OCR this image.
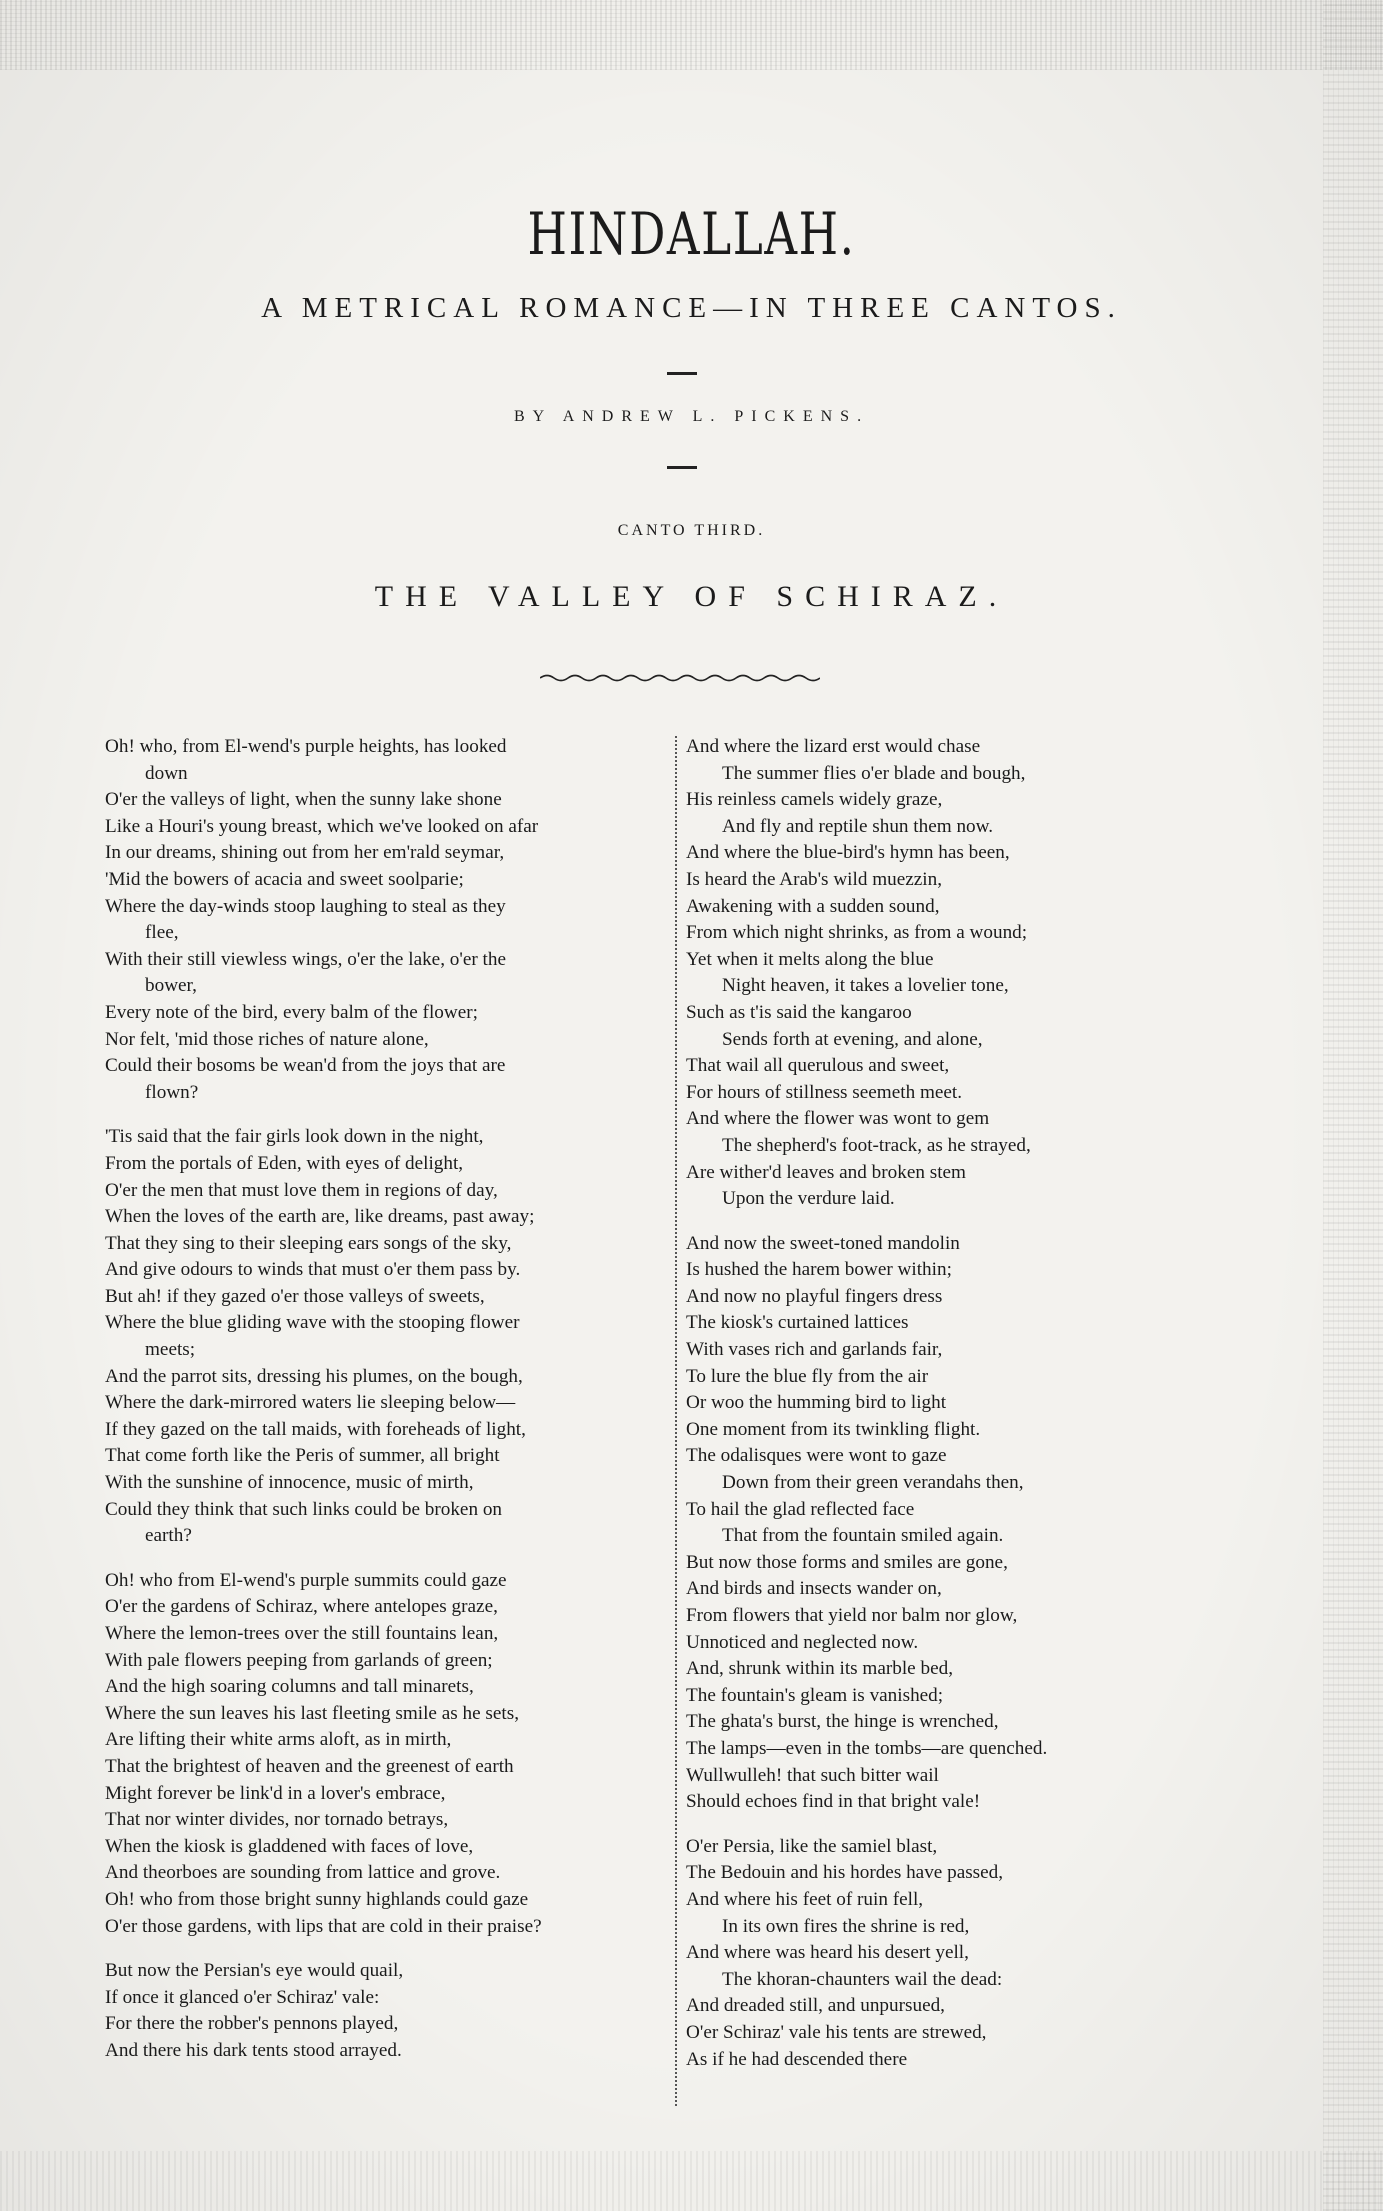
HINDALLAH.
A METRICAL ROMANCE—IN THREE CANTOS.
BY ANDREW L. PICKENS.
CANTO THIRD.
THE VALLEY OF SCHIRAZ.
Oh! who, from El-wend's purple heights, has looked
down
O'er the valleys of light, when the sunny lake shone
Like a Houri's young breast, which we've looked on afar
In our dreams, shining out from her em'rald seymar,
'Mid the bowers of acacia and sweet soolparie;
Where the day-winds stoop laughing to steal as they
flee,
With their still viewless wings, o'er the lake, o'er the
bower,
Every note of the bird, every balm of the flower;
Nor felt, 'mid those riches of nature alone,
Could their bosoms be wean'd from the joys that are
flown?
'Tis said that the fair girls look down in the night,
From the portals of Eden, with eyes of delight,
O'er the men that must love them in regions of day,
When the loves of the earth are, like dreams, past away;
That they sing to their sleeping ears songs of the sky,
And give odours to winds that must o'er them pass by.
But ah! if they gazed o'er those valleys of sweets,
Where the blue gliding wave with the stooping flower
meets;
And the parrot sits, dressing his plumes, on the bough,
Where the dark-mirrored waters lie sleeping below—
If they gazed on the tall maids, with foreheads of light,
That come forth like the Peris of summer, all bright
With the sunshine of innocence, music of mirth,
Could they think that such links could be broken on
earth?
Oh! who from El-wend's purple summits could gaze
O'er the gardens of Schiraz, where antelopes graze,
Where the lemon-trees over the still fountains lean,
With pale flowers peeping from garlands of green;
And the high soaring columns and tall minarets,
Where the sun leaves his last fleeting smile as he sets,
Are lifting their white arms aloft, as in mirth,
That the brightest of heaven and the greenest of earth
Might forever be link'd in a lover's embrace,
That nor winter divides, nor tornado betrays,
When the kiosk is gladdened with faces of love,
And theorboes are sounding from lattice and grove.
Oh! who from those bright sunny highlands could gaze
O'er those gardens, with lips that are cold in their praise?
But now the Persian's eye would quail,
If once it glanced o'er Schiraz' vale:
For there the robber's pennons played,
And there his dark tents stood arrayed.
And where the lizard erst would chase
The summer flies o'er blade and bough,
His reinless camels widely graze,
And fly and reptile shun them now.
And where the blue-bird's hymn has been,
Is heard the Arab's wild muezzin,
Awakening with a sudden sound,
From which night shrinks, as from a wound;
Yet when it melts along the blue
Night heaven, it takes a lovelier tone,
Such as t'is said the kangaroo
Sends forth at evening, and alone,
That wail all querulous and sweet,
For hours of stillness seemeth meet.
And where the flower was wont to gem
The shepherd's foot-track, as he strayed,
Are wither'd leaves and broken stem
Upon the verdure laid.
And now the sweet-toned mandolin
Is hushed the harem bower within;
And now no playful fingers dress
The kiosk's curtained lattices
With vases rich and garlands fair,
To lure the blue fly from the air
Or woo the humming bird to light
One moment from its twinkling flight.
The odalisques were wont to gaze
Down from their green verandahs then,
To hail the glad reflected face
That from the fountain smiled again.
But now those forms and smiles are gone,
And birds and insects wander on,
From flowers that yield nor balm nor glow,
Unnoticed and neglected now.
And, shrunk within its marble bed,
The fountain's gleam is vanished;
The ghata's burst, the hinge is wrenched,
The lamps—even in the tombs—are quenched.
Wullwulleh! that such bitter wail
Should echoes find in that bright vale!
O'er Persia, like the samiel blast,
The Bedouin and his hordes have passed,
And where his feet of ruin fell,
In its own fires the shrine is red,
And where was heard his desert yell,
The khoran-chaunters wail the dead:
And dreaded still, and unpursued,
O'er Schiraz' vale his tents are strewed,
As if he had descended there
